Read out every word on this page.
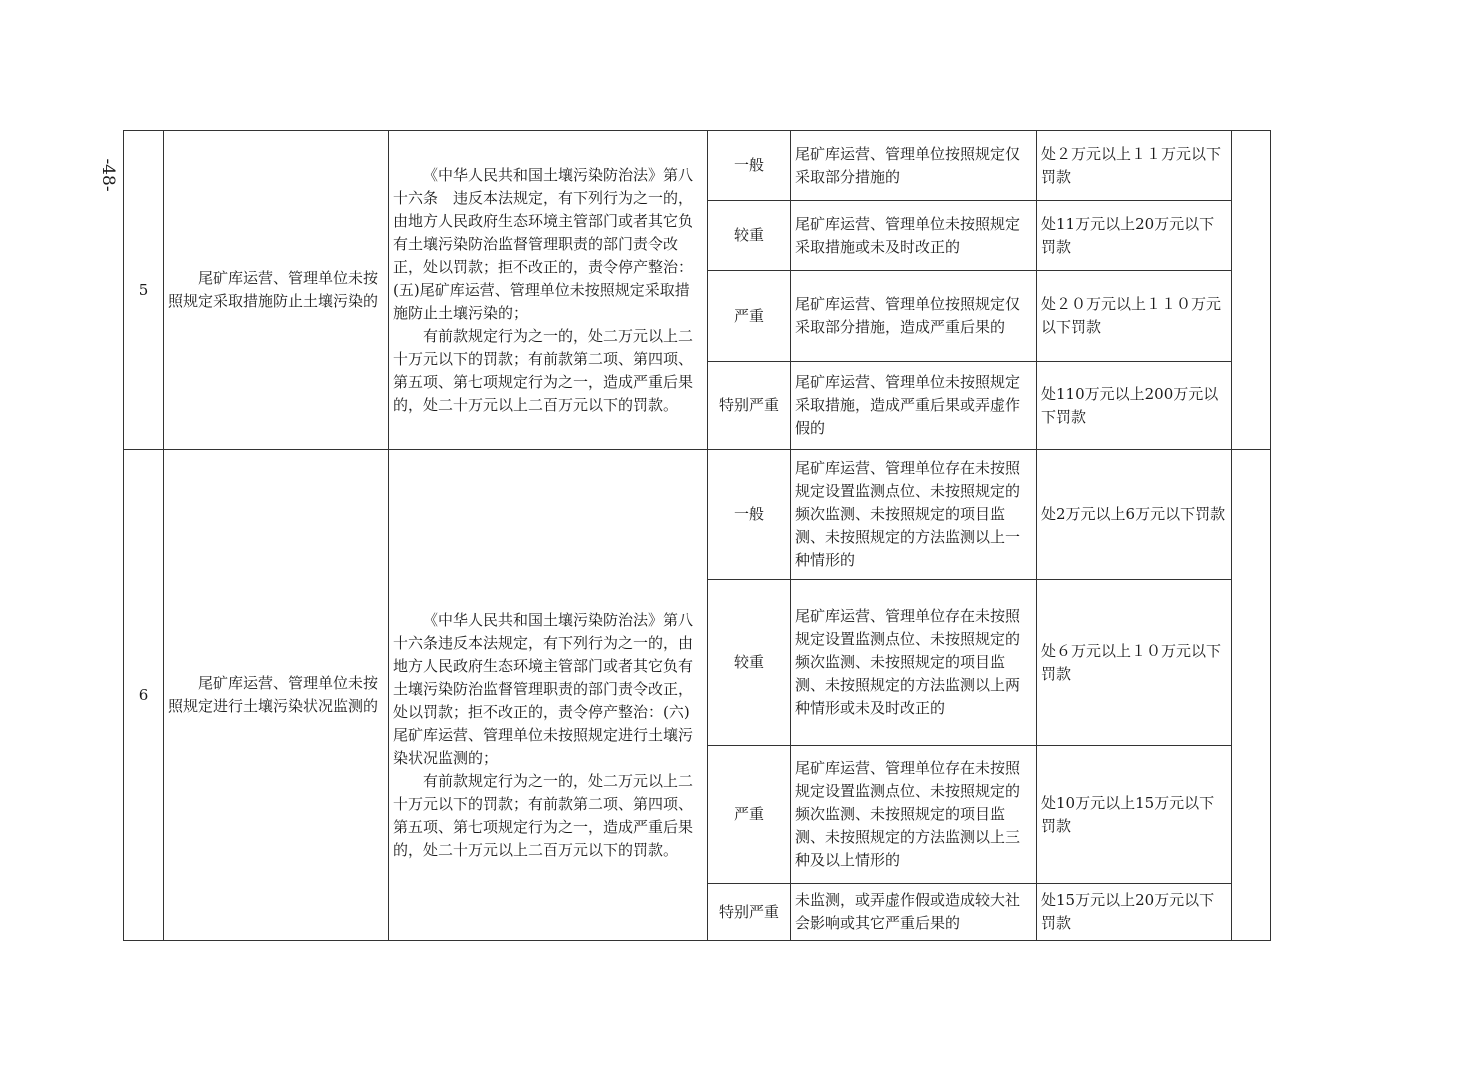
-48-
5	尾矿库运营、管理单位未按照规定采取措施防止土壤污染的	《中华人民共和国土壤污染防治法》第八十六条　违反本法规定，有下列行为之一的，由地方人民政府生态环境主管部门或者其它负有土壤污染防治监督管理职责的部门责令改正，处以罚款；拒不改正的，责令停产整治：(五)尾矿库运营、管理单位未按照规定采取措施防止土壤污染的；

有前款规定行为之一的，处二万元以上二十万元以下的罚款；有前款第二项、第四项、第五项、第七项规定行为之一，造成严重后果的，处二十万元以上二百万元以下的罚款。	一般	尾矿库运营、管理单位按照规定仅采取部分措施的	处２万元以上１１万元以下罚款	
			较重	尾矿库运营、管理单位未按照规定采取措施或未及时改正的	处11万元以上20万元以下罚款	
			严重	尾矿库运营、管理单位按照规定仅采取部分措施，造成严重后果的	处２０万元以上１１０万元以下罚款	
			特别严重	尾矿库运营、管理单位未按照规定采取措施，造成严重后果或弄虚作假的	处110万元以上200万元以下罚款	
6	尾矿库运营、管理单位未按照规定进行土壤污染状况监测的	《中华人民共和国土壤污染防治法》第八十六条违反本法规定，有下列行为之一的，由地方人民政府生态环境主管部门或者其它负有土壤污染防治监督管理职责的部门责令改正，处以罚款；拒不改正的，责令停产整治：(六)尾矿库运营、管理单位未按照规定进行土壤污染状况监测的；

有前款规定行为之一的，处二万元以上二十万元以下的罚款；有前款第二项、第四项、第五项、第七项规定行为之一，造成严重后果的，处二十万元以上二百万元以下的罚款。	一般	尾矿库运营、管理单位存在未按照规定设置监测点位、未按照规定的频次监测、未按照规定的项目监测、未按照规定的方法监测以上一种情形的	处2万元以上6万元以下罚款	
			较重	尾矿库运营、管理单位存在未按照规定设置监测点位、未按照规定的频次监测、未按照规定的项目监测、未按照规定的方法监测以上两种情形或未及时改正的	处６万元以上１０万元以下罚款	
			严重	尾矿库运营、管理单位存在未按照规定设置监测点位、未按照规定的频次监测、未按照规定的项目监测、未按照规定的方法监测以上三种及以上情形的	处10万元以上15万元以下罚款	
			特别严重	未监测，或弄虚作假或造成较大社会影响或其它严重后果的	处15万元以上20万元以下罚款	
